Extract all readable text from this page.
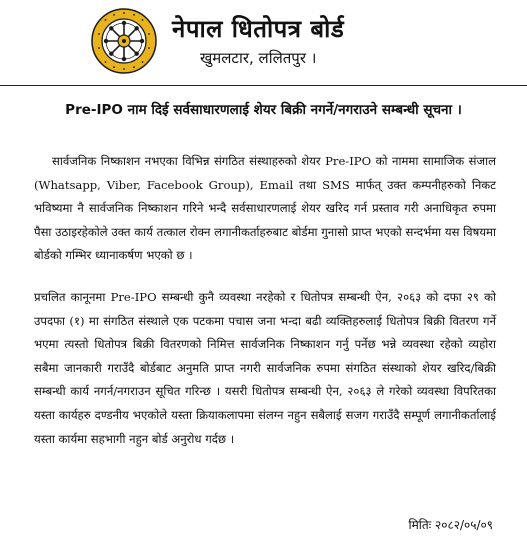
नेपाल धितोपत्र बोर्ड
खुमलटार, ललितपुर ।
Pre-IPO नाम दिई सर्वसाधारणलाई शेयर बिक्री नगर्ने/नगराउने सम्बन्धी सूचना ।

सार्वजनिक निष्काशन नभएका विभिन्न संगठित संस्थाहरुको शेयर Pre-IPO को नाममा सामाजिक संजाल (Whatsapp, Viber, Facebook Group), Email तथा SMS मार्फत् उक्त कम्पनीहरुको निकट भविष्यमा नै सार्वजनिक निष्काशन गरिने भन्दै सर्वसाधारणलाई शेयर खरिद गर्न प्रस्ताव गरी अनाधिकृत रुपमा पैसा उठाइरहेकोले उक्त कार्य तत्काल रोक्न लगानीकर्ताहरुबाट बोर्डमा गुनासो प्राप्त भएको सन्दर्भमा यस विषयमा बोर्डको गम्भिर ध्यानाकर्षण भएको छ ।

प्रचलित कानूनमा Pre-IPO सम्बन्धी कुनै व्यवस्था नरहेको र धितोपत्र सम्बन्धी ऐन, २०६३ को दफा २९ को उपदफा (१) मा संगठित संस्थाले एक पटकमा पचास जना भन्दा बढी व्यक्तिहरुलाई धितोपत्र बिक्री वितरण गर्ने भएमा त्यस्तो धितोपत्र बिक्री वितरणको निमित्त सार्वजनिक निष्काशन गर्नु पर्नेछ भन्ने व्यवस्था रहेको व्यहोरा सबैमा जानकारी गराउँदै बोर्डबाट अनुमति प्राप्त नगरी सार्वजनिक रुपमा संगठित संस्थाको शेयर खरिद/बिक्री सम्बन्धी कार्य नगर्न/नगराउन सूचित गरिन्छ । यसरी धितोपत्र सम्बन्धी ऐन, २०६३ ले गरेको व्यवस्था विपरितका यस्ता कार्यहरु दण्डनीय भएकोले यस्ता क्रियाकलापमा संलग्न नहुन सबैलाई सजग गराउँदै सम्पूर्ण लगानीकर्तालाई यस्ता कार्यमा सहभागी नहुन बोर्ड अनुरोध गर्दछ ।

मितिः २०८२/०५/०९
